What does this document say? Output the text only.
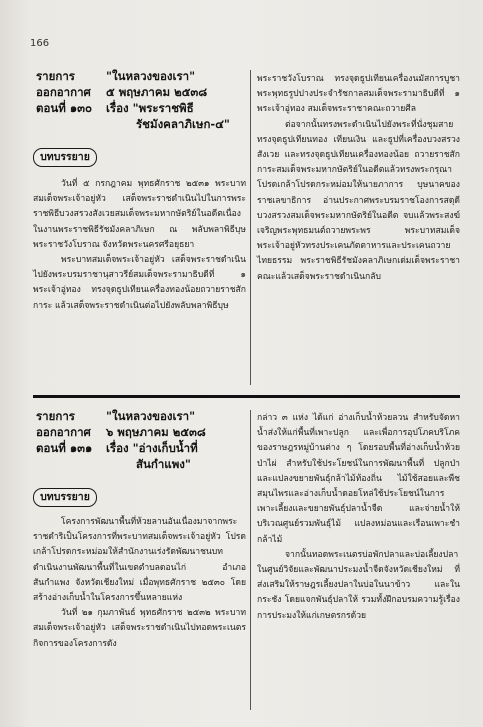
166
รายการ	"ในหลวงของเรา"
ออกอากาศ	๕ พฤษภาคม ๒๕๓๘
ตอนที่ ๑๓๐	เรื่อง "พระราชพิธี
รัชมังคลาภิเษก-๔"
บทบรรยาย

วันที่ ๕ กรกฎาคม พุทธศักราช ๒๕๓๑ พระบาทสมเด็จพระเจ้าอยู่หัว เสด็จพระราชดำเนินไปในการพระราชพิธีบวงสรวงสังเวยสมเด็จพระมหากษัตริย์ในอดีตเนื่องในงานพระราชพิธีรัชมังคลาภิเษก ณ พลับพลาพิธีบุษ พระราชวังโบราณ จังหวัดพระนครศรีอยุธยา

พระบาทสมเด็จพระเจ้าอยู่หัว เสด็จพระราชดำเนินไปยังพระบรมราชานุสาวรีย์สมเด็จพระรามาธิบดีที่ ๑ พระเจ้าอู่ทอง ทรงจุดธูปเทียนเครื่องทองน้อยถวายราชสักการะ แล้วเสด็จพระราชดำเนินต่อไปยังพลับพลาพิธีบุษ

พระราชวังโบราณ ทรงจุดธูปเทียนเครื่องนมัสการบูชาพระพุทธรูปปางประจำรัชกาลสมเด็จพระรามาธิบดีที่ ๑ พระเจ้าอู่ทอง สมเด็จพระราชาคณะถวายศีล

ต่อจากนั้นทรงพระดำเนินไปยังพระที่นั่งชุมสาย ทรงจุดธูปเทียนทอง เทียนเงิน และธูปที่เครื่องบวงสรวงสังเวย และทรงจุดธูปเทียนเครื่องทองน้อย ถวายราชสักการะสมเด็จพระมหากษัตริย์ในอดีตแล้วทรงพระกรุณาโปรดเกล้าโปรดกระหม่อมให้นายภาการ บุษนาคของราชเลขาธิการ อ่านประกาศพระบรมราชโองการสดุดี บวงสรวงสมเด็จพระมหากษัตริย์ในอดีต จบแล้วพระสงฆ์เจริญพระพุทธมนต์ถวายพระพร พระบาทสมเด็จพระเจ้าอยู่หัวทรงประเคนภัตตาหารและประเคนถวายไทยธรรม พระราชพิธีรัชมังคลาภิเษกเด่มเด็จพระราชาคณะแล้วเสด็จพระราชดำเนินกลับ

รายการ	"ในหลวงของเรา"
ออกอากาศ	๖ พฤษภาคม ๒๕๓๘
ตอนที่ ๑๓๑	เรื่อง "อ่างเก็บน้ำที่
สันกำแพง"
บทบรรยาย

โครงการพัฒนาพื้นที่ห้วยลานอันเนื่องมาจากพระราชดำริเป็นโครงการที่พระบาทสมเด็จพระเจ้าอยู่หัว โปรดเกล้าโปรดกระหม่อมให้สำนักงานเร่งรัดพัฒนาชนบทดำเนินงานพัฒนาพื้นที่ในเขตตำบลดอนไก่ อำเภอสันกำแพง จังหวัดเชียงใหม่ เมื่อพุทธศักราช ๒๕๓๐ โดยสร้างอ่างเก็บน้ำในโครงการขึ้นหลายแห่ง

วันที่ ๒๑ กุมภาพันธ์ พุทธศักราช ๒๕๓๒ พระบาทสมเด็จพระเจ้าอยู่หัว เสด็จพระราชดำเนินไปทอดพระเนตรกิจการของโครงการดัง

กล่าว ๓ แห่ง ได้แก่ อ่างเก็บน้ำห้วยลวน สำหรับจัดหาน้ำส่งให้แก่พื้นที่เพาะปลูก และเพื่อการอุปโภคบริโภคของราษฎรหมู่บ้านต่าง ๆ โดยรอบพื้นที่อ่างเก็บน้ำห้วยป่าไผ่ สำหรับใช้ประโยชน์ในการพัฒนาพื้นที่ ปลูกป่าและแปลงขยายพันธุ์กล้าไม้ท้องถิ่น ไม้ใช้สอยและพืชสมุนไพรและอ่างเก็บน้ำดอยโหล่ใช้ประโยชน์ในการเพาะเลี้ยงและขยายพันธุ์ปลาน้ำจืด และจ่ายน้ำให้บริเวณศูนย์รวมพันธุ์ไม้ แปลงหม่อนและเรือนเพาะชำกล้าไม้

จากนั้นทอดพระเนตรบ่อพักปลาและบ่อเลี้ยงปลาในศูนย์วิจัยและพัฒนาประมงน้ำจืดจังหวัดเชียงใหม่ ที่ส่งเสริมให้ราษฎรเลี้ยงปลาในบ่อในนาข้าว และในกระชัง โดยแจกพันธุ์ปลาให้ รวมทั้งฝึกอบรมความรู้เรื่องการประมงให้แก่เกษตรกรด้วย
